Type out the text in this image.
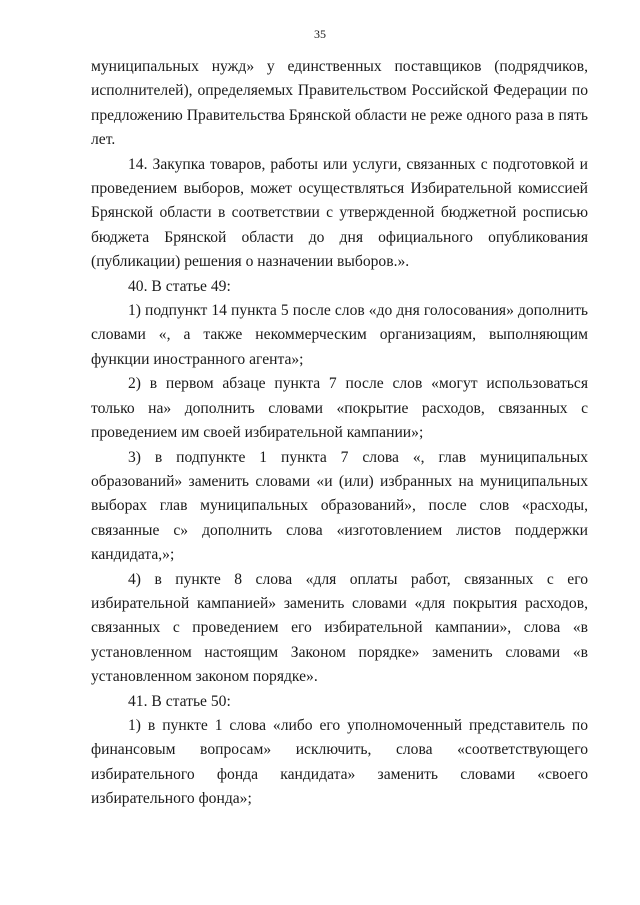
35

муниципальных нужд» у единственных поставщиков (подрядчиков, исполнителей), определяемых Правительством Российской Федерации по предложению Правительства Брянской области не реже одного раза в пять лет.

14. Закупка товаров, работы или услуги, связанных с подготовкой и проведением выборов, может осуществляться Избирательной комиссией Брянской области в соответствии с утвержденной бюджетной росписью бюджета Брянской области до дня официального опубликования (публикации) решения о назначении выборов.».

40. В статье 49:

1) подпункт 14 пункта 5 после слов «до дня голосования» дополнить словами «, а также некоммерческим организациям, выполняющим функции иностранного агента»;

2) в первом абзаце пункта 7 после слов «могут использоваться только на» дополнить словами «покрытие расходов, связанных с проведением им своей избирательной кампании»;

3) в подпункте 1 пункта 7 слова «, глав муниципальных образований» заменить словами «и (или) избранных на муниципальных выборах глав муниципальных образований», после слов «расходы, связанные с» дополнить слова «изготовлением листов поддержки кандидата,»;

4) в пункте 8 слова «для оплаты работ, связанных с его избирательной кампанией» заменить словами «для покрытия расходов, связанных с проведением его избирательной кампании», слова «в установленном настоящим Законом порядке» заменить словами «в установленном законом порядке».

41. В статье 50:

1) в пункте 1 слова «либо его уполномоченный представитель по финансовым вопросам» исключить, слова «соответствующего избирательного фонда кандидата» заменить словами «своего избирательного фонда»;
